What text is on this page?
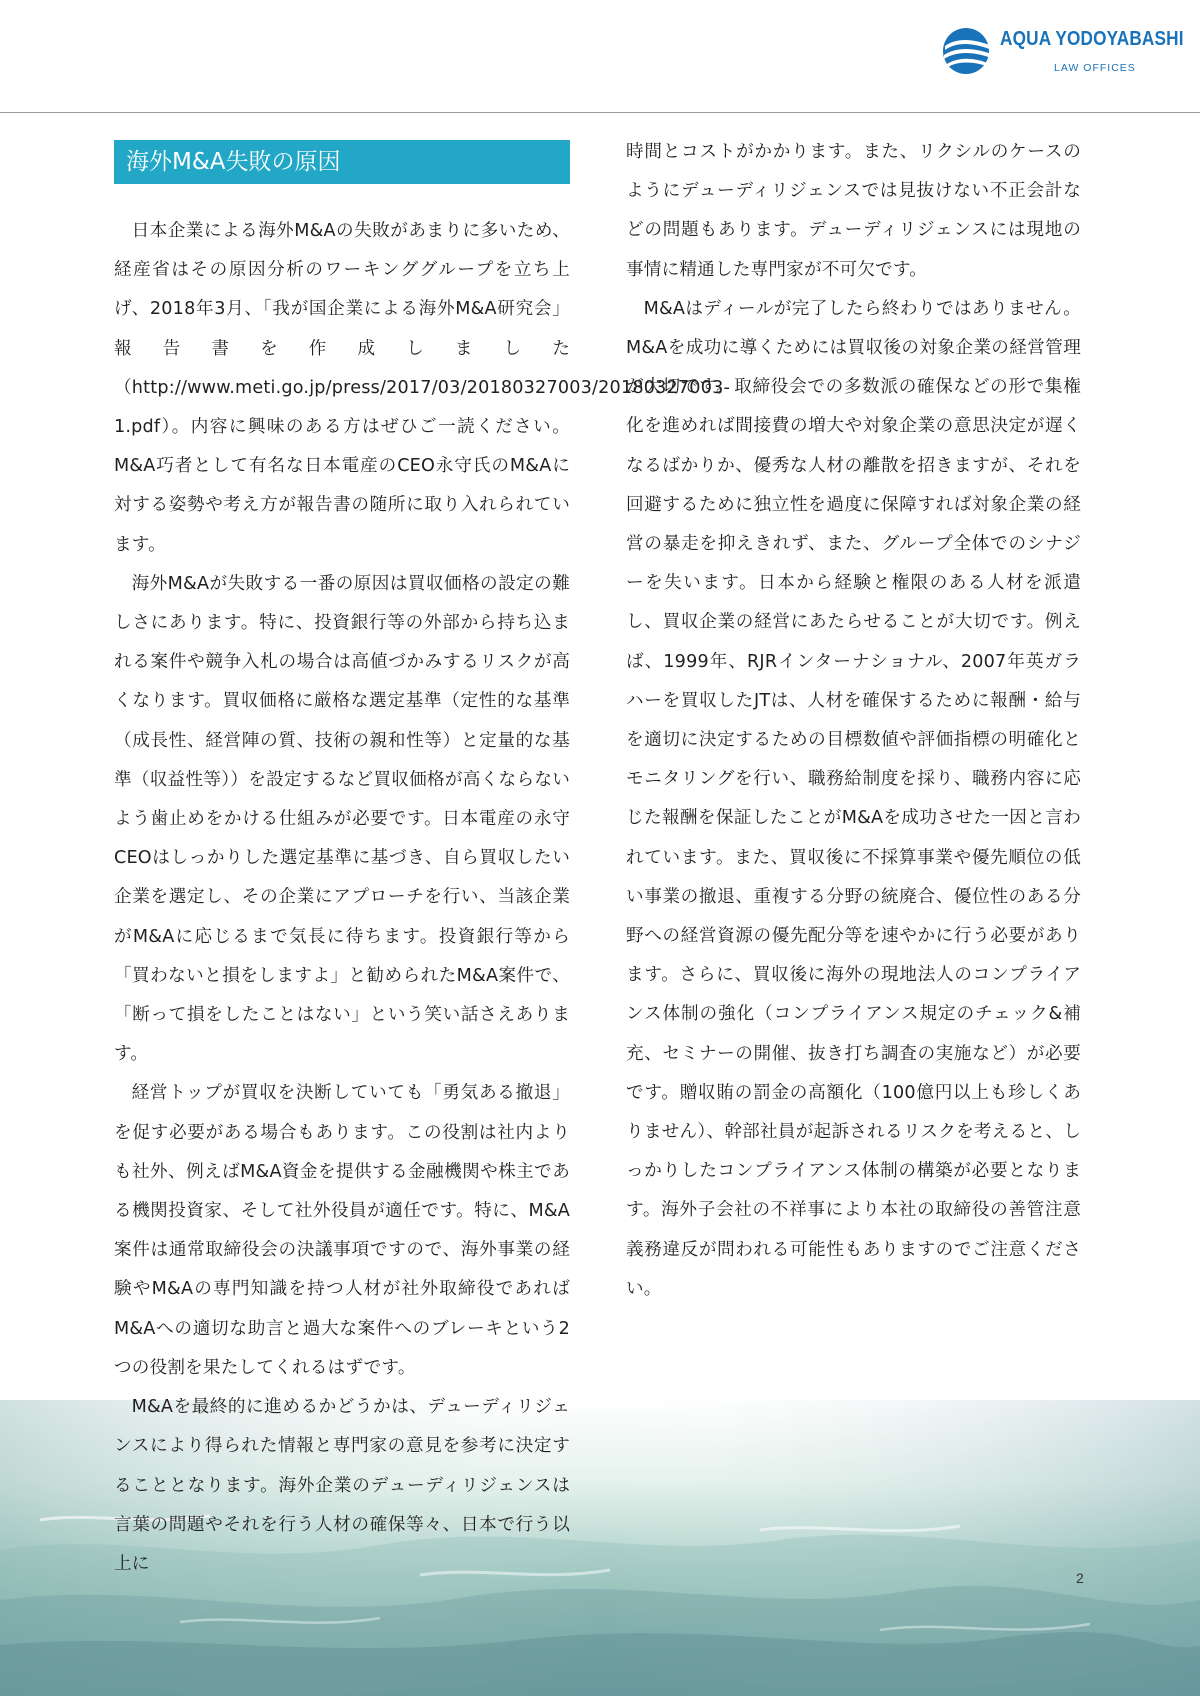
AQUA YODOYABASHI
LAW OFFICES
海外M&A失敗の原因

日本企業による海外M&Aの失敗があまりに多いため、経産省はその原因分析のワーキンググループを立ち上げ、2018年3月、「我が国企業による海外M&A研究会」報告書を作成しました（http://www.meti.go.jp/press/2017/03/20180327003/20180327003-1.pdf）。内容に興味のある方はぜひご一読ください。M&A巧者として有名な日本電産のCEO永守氏のM&Aに対する姿勢や考え方が報告書の随所に取り入れられています。

海外M&Aが失敗する一番の原因は買収価格の設定の難しさにあります。特に、投資銀行等の外部から持ち込まれる案件や競争入札の場合は高値づかみするリスクが高くなります。買収価格に厳格な選定基準（定性的な基準（成長性、経営陣の質、技術の親和性等）と定量的な基準（収益性等））を設定するなど買収価格が高くならないよう歯止めをかける仕組みが必要です。日本電産の永守CEOはしっかりした選定基準に基づき、自ら買収したい企業を選定し、その企業にアプローチを行い、当該企業がM&Aに応じるまで気長に待ちます。投資銀行等から「買わないと損をしますよ」と勧められたM&A案件で、「断って損をしたことはない」という笑い話さえあります。

経営トップが買収を決断していても「勇気ある撤退」を促す必要がある場合もあります。この役割は社内よりも社外、例えばM&A資金を提供する金融機関や株主である機関投資家、そして社外役員が適任です。特に、M&A案件は通常取締役会の決議事項ですので、海外事業の経験やM&Aの専門知識を持つ人材が社外取締役であればM&Aへの適切な助言と過大な案件へのブレーキという2つの役割を果たしてくれるはずです。

M&Aを最終的に進めるかどうかは、デューディリジェンスにより得られた情報と専門家の意見を参考に決定することとなります。海外企業のデューディリジェンスは言葉の問題やそれを行う人材の確保等々、日本で行う以上に

時間とコストがかかります。また、リクシルのケースのようにデューディリジェンスでは見抜けない不正会計などの問題もあります。デューディリジェンスには現地の事情に精通した専門家が不可欠です。

M&Aはディールが完了したら終わりではありません。M&Aを成功に導くためには買収後の対象企業の経営管理が大切です。取締役会での多数派の確保などの形で集権化を進めれば間接費の増大や対象企業の意思決定が遅くなるばかりか、優秀な人材の離散を招きますが、それを回避するために独立性を過度に保障すれば対象企業の経営の暴走を抑えきれず、また、グループ全体でのシナジーを失います。日本から経験と権限のある人材を派遣し、買収企業の経営にあたらせることが大切です。例えば、1999年、RJRインターナショナル、2007年英ガラハーを買収したJTは、人材を確保するために報酬・給与を適切に決定するための目標数値や評価指標の明確化とモニタリングを行い、職務給制度を採り、職務内容に応じた報酬を保証したことがM&Aを成功させた一因と言われています。また、買収後に不採算事業や優先順位の低い事業の撤退、重複する分野の統廃合、優位性のある分野への経営資源の優先配分等を速やかに行う必要があります。さらに、買収後に海外の現地法人のコンプライアンス体制の強化（コンプライアンス規定のチェック&補充、セミナーの開催、抜き打ち調査の実施など）が必要です。贈収賄の罰金の高額化（100億円以上も珍しくありません）、幹部社員が起訴されるリスクを考えると、しっかりしたコンプライアンス体制の構築が必要となります。海外子会社の不祥事により本社の取締役の善管注意義務違反が問われる可能性もありますのでご注意ください。

2
